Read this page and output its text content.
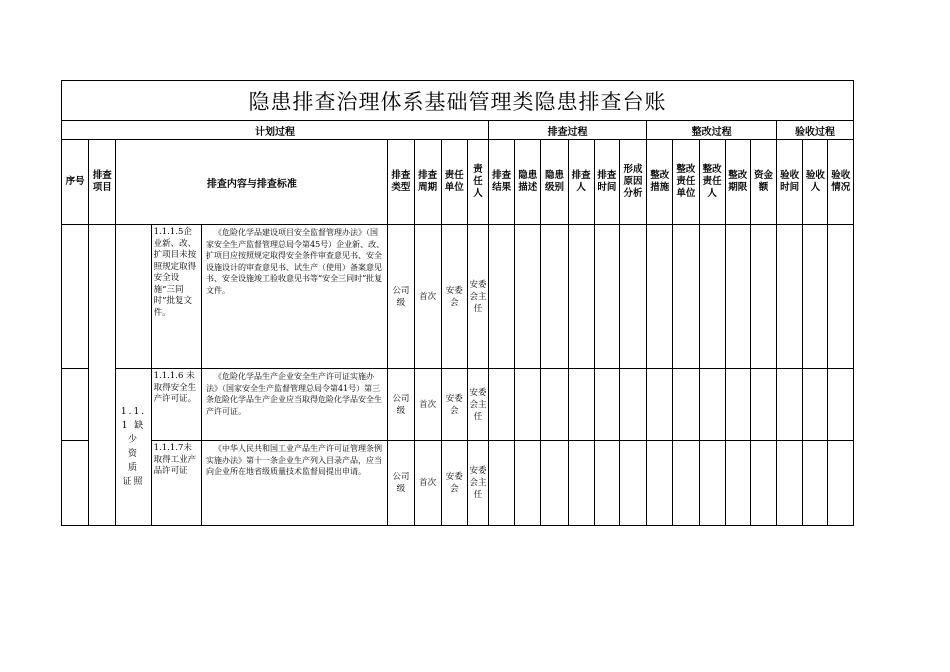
隐患排查治理体系基础管理类隐患排查台账																						
计划过程									排查过程						整改过程					验收过程		
序号	排查项目	排查内容与排查标准			排查类型	排查周期	责任单位	责任人	排查结果	隐患描述	隐患级别	排查人	排查时间	形成原因分析	整改措施	整改责任单位	整改责任人	整改期限	资金额	验收时间	验收人	验收情况
			1.1.1.5企业新、改、扩项目未按照规定取得安全设施“三同时”批复文件。	《危险化学品建设项目安全监督管理办法》（国家安全生产监督管理总局令第45号）企业新、改、扩项目应按照规定取得安全条件审查意见书、安全设施设计的审查意见书、试生产（使用）备案意见书、安全设施竣工验收意见书等“安全三同时”批复文件。	公司级	首次	安委会	安委会主任														
		1.1.1 缺 少 资 质 证照	1.1.1.6 未取得安全生产许可证。	《危险化学品生产企业安全生产许可证实施办法》（国家安全生产监督管理总局令第41号）第三条危险化学品生产企业应当取得危险化学品安全生产许可证。	公司级	首次	安委会	安委会主任														
			1.1.1.7未取得工业产品许可证	《中华人民共和国工业产品生产许可证管理条例实施办法》第十一条企业生产列入目录产品，应当向企业所在地省级质量技术监督局提出申请。	公司级	首次	安委会	安委会主任														
